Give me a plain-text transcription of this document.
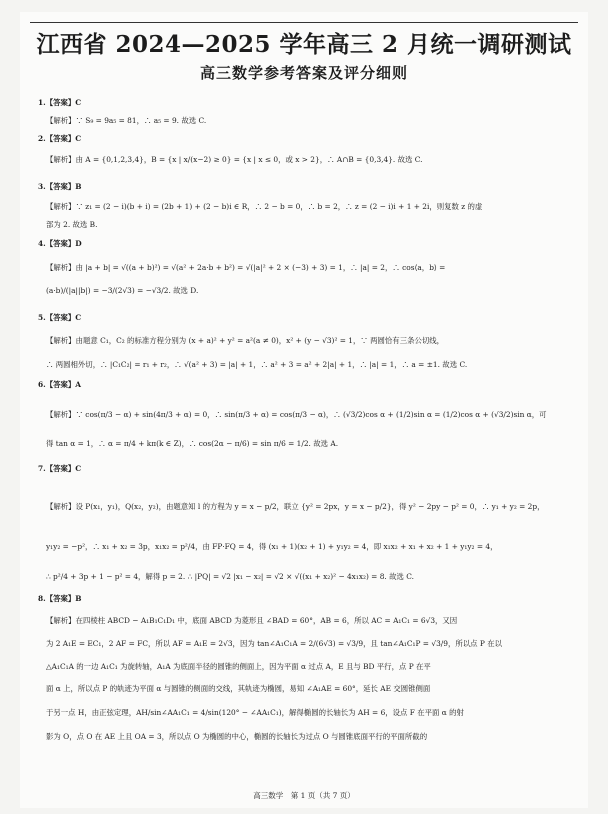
江西省 2024—2025 学年高三 2 月统一调研测试
高三数学参考答案及评分细则
1.【答案】C
【解析】∵ S₉ = 9a₅ = 81，∴ a₅ = 9. 故选 C.
2.【答案】C
【解析】由 A = {0,1,2,3,4}，B = {x | x/(x−2) ≥ 0} = {x | x ≤ 0，或 x > 2}，∴ A∩B = {0,3,4}. 故选 C.
3.【答案】B
【解析】∵ z₁ = (2 − i)(b + i) = (2b + 1) + (2 − b)i ∈ R，∴ 2 − b = 0，∴ b = 2，∴ z = (2 − i)i + 1 + 2i，则复数 z 的虚
部为 2. 故选 B.
4.【答案】D
【解析】由 |a + b| = √((a + b)²) = √(a² + 2a·b + b²) = √(|a|² + 2 × (−3) + 3) = 1，∴ |a| = 2，∴ cos⟨a，b⟩ =
(a·b)/(|a||b|) = −3/(2√3) = −√3/2. 故选 D.
5.【答案】C
【解析】由题意 C₁，C₂ 的标准方程分别为 (x + a)² + y² = a²(a ≠ 0)，x² + (y − √3)² = 1，∵ 两圆恰有三条公切线，
∴ 两圆相外切，∴ |C₁C₂| = r₁ + r₂，∴ √(a² + 3) = |a| + 1，∴ a² + 3 = a² + 2|a| + 1，∴ |a| = 1，∴ a = ±1. 故选 C.
6.【答案】A
【解析】∵ cos(π/3 − α) + sin(4π/3 + α) = 0，∴ sin(π/3 + α) = cos(π/3 − α)，∴ (√3/2)cos α + (1/2)sin α = (1/2)cos α + (√3/2)sin α，可
得 tan α = 1，∴ α = π/4 + kπ(k ∈ Z)，∴ cos(2α − π/6) = sin π/6 = 1/2. 故选 A.
7.【答案】C
【解析】设 P(x₁，y₁)，Q(x₂，y₂)，由题意知 l 的方程为 y = x − p/2，联立 {y² = 2px，y = x − p/2}，得 y² − 2py − p² = 0，∴ y₁ + y₂ = 2p，
y₁y₂ = −p²，∴ x₁ + x₂ = 3p，x₁x₂ = p²/4，由 FP·FQ = 4，得 (x₁ + 1)(x₂ + 1) + y₁y₂ = 4，即 x₁x₂ + x₁ + x₂ + 1 + y₁y₂ = 4，
∴ p²/4 + 3p + 1 − p² = 4，解得 p = 2. ∴ |PQ| = √2 |x₁ − x₂| = √2 × √((x₁ + x₂)² − 4x₁x₂) = 8. 故选 C.
8.【答案】B
【解析】在四棱柱 ABCD − A₁B₁C₁D₁ 中，底面 ABCD 为菱形且 ∠BAD = 60°，AB = 6，所以 AC = A₁C₁ = 6√3，又因
为 2 A₁E = EC₁，2 AF = FC，所以 AF = A₁E = 2√3，因为 tan∠A₁C₁A = 2/(6√3) = √3/9，且 tan∠A₁C₁P = √3/9，所以点 P 在以
△A₁C₁A 的一边 A₁C₁ 为旋转轴，A₁A 为底面半径的圆锥的侧面上，因为平面 α 过点 A，E 且与 BD 平行，点 P 在平
面 α 上，所以点 P 的轨迹为平面 α 与圆锥的侧面的交线，其轨迹为椭圆，易知 ∠A₁AE = 60°，延长 AE 交圆锥侧面
于另一点 H，由正弦定理，AH/sin∠AA₁C₁ = 4/sin(120° − ∠AA₁C₁)，解得椭圆的长轴长为 AH = 6，设点 F 在平面 α 的射
影为 O，点 O 在 AE 上且 OA = 3，所以点 O 为椭圆的中心，椭圆的长轴长为过点 O 与圆锥底面平行的平面所截的
高三数学　第 1 页（共 7 页）
